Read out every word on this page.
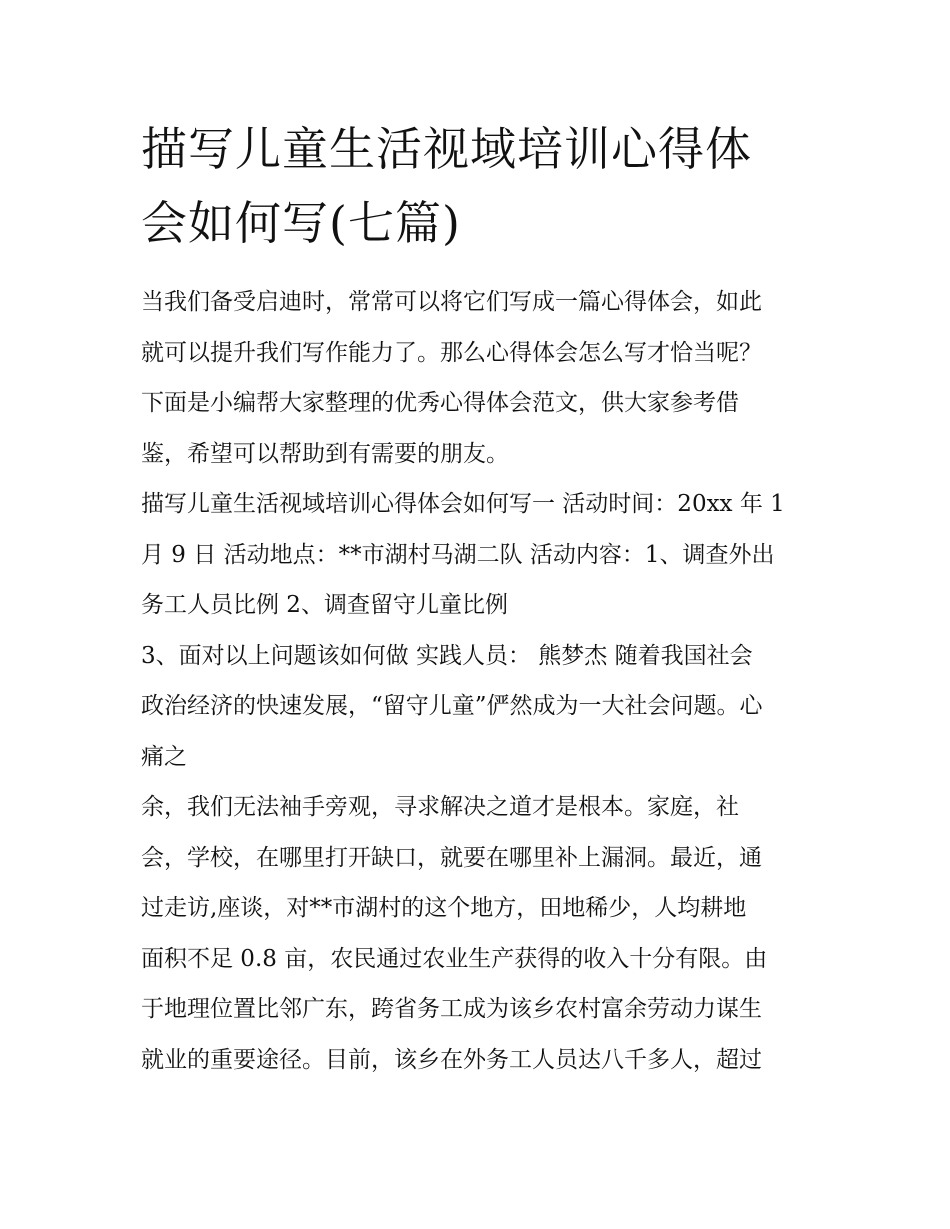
描写儿童生活视域培训心得体
会如何写(七篇)
当我们备受启迪时，常常可以将它们写成一篇心得体会，如此
就可以提升我们写作能力了。那么心得体会怎么写才恰当呢？
下面是小编帮大家整理的优秀心得体会范文，供大家参考借
鉴，希望可以帮助到有需要的朋友。
描写儿童生活视域培训心得体会如何写一 活动时间：20xx 年 1
月 9 日 活动地点：**市湖村马湖二队 活动内容：1、调查外出
务工人员比例 2、调查留守儿童比例
3、面对以上问题该如何做 实践人员： 熊梦杰 随着我国社会
政治经济的快速发展，“留守儿童”俨然成为一大社会问题。心
痛之
余，我们无法袖手旁观，寻求解决之道才是根本。家庭，社
会，学校，在哪里打开缺口，就要在哪里补上漏洞。最近，通
过走访,座谈，对**市湖村的这个地方，田地稀少，人均耕地
面积不足 0.8 亩，农民通过农业生产获得的收入十分有限。由
于地理位置比邻广东，跨省务工成为该乡农村富余劳动力谋生
就业的重要途径。目前，该乡在外务工人员达八千多人，超过
